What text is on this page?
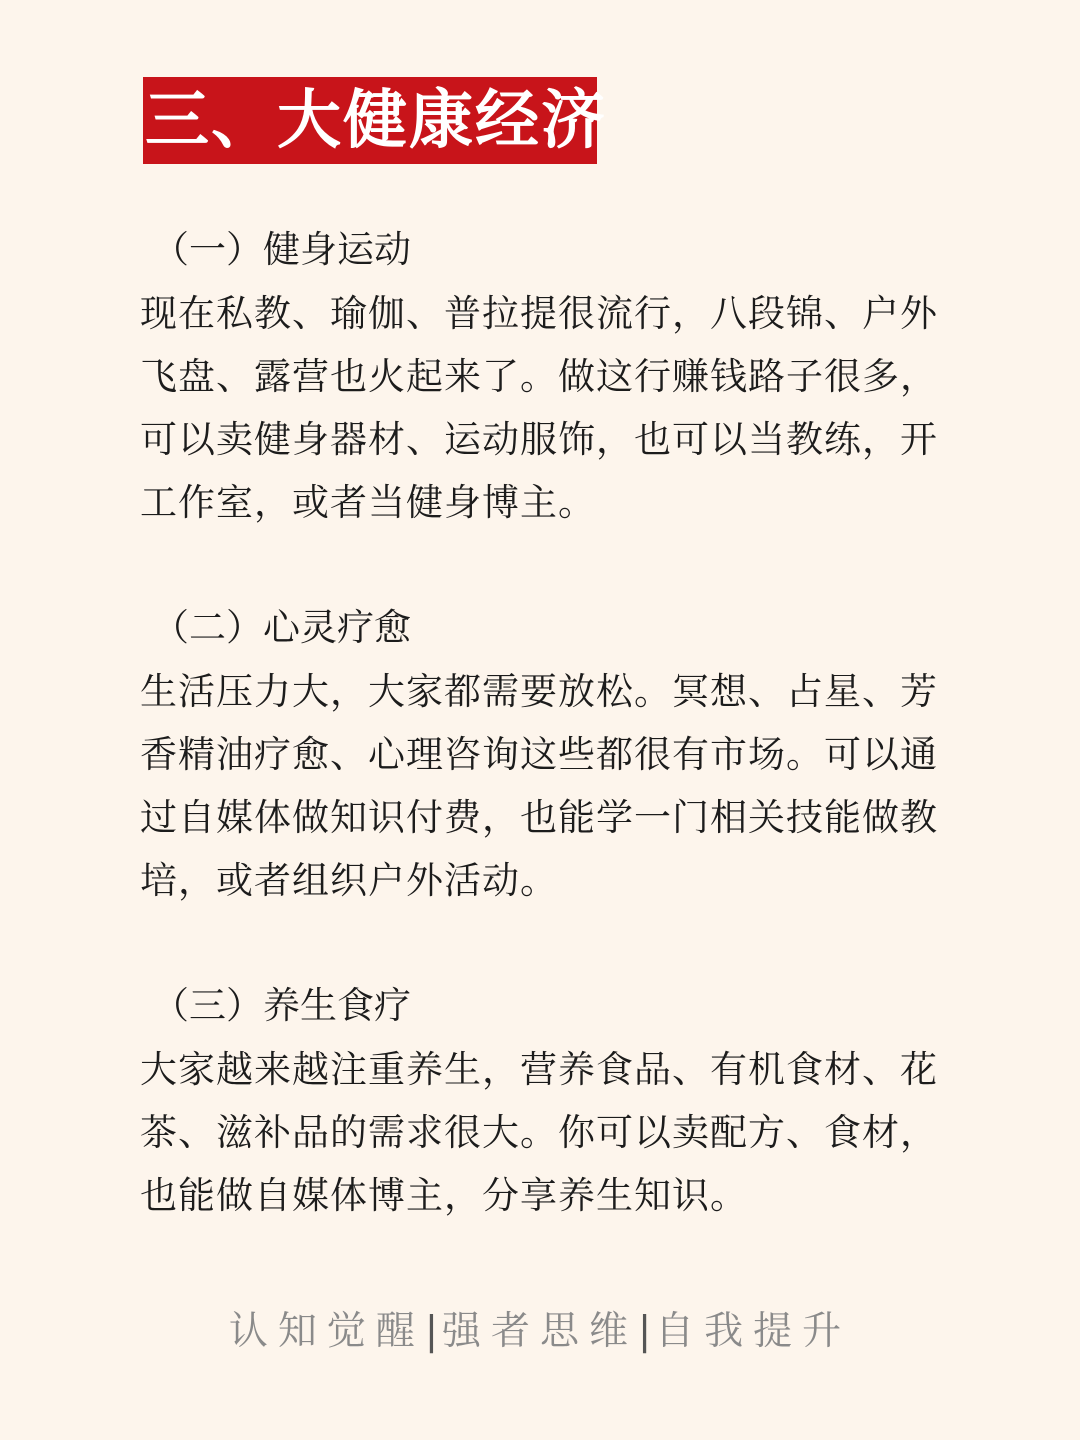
三、大健康经济
（一）健身运动

现在私教、瑜伽、普拉提很流行，八段锦、户外飞盘、露营也火起来了。做这行赚钱路子很多，可以卖健身器材、运动服饰，也可以当教练，开工作室，或者当健身博主。

（二）心灵疗愈

生活压力大，大家都需要放松。冥想、占星、芳香精油疗愈、心理咨询这些都很有市场。可以通过自媒体做知识付费，也能学一门相关技能做教培，或者组织户外活动。

（三）养生食疗

大家越来越注重养生，营养食品、有机食材、花茶、滋补品的需求很大。你可以卖配方、食材，也能做自媒体博主，分享养生知识。

认知觉醒|强者思维|自我提升
